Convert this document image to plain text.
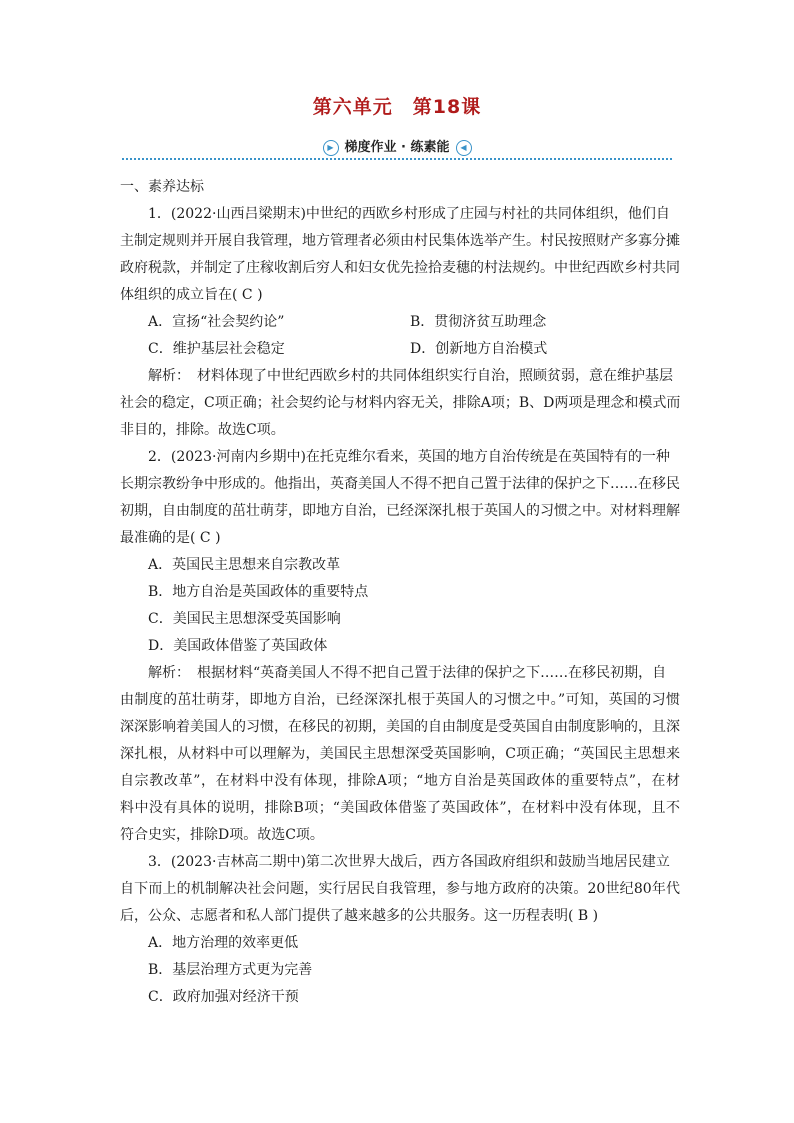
第六单元　第18课
▶ 梯度作业 · 练素能 ◀
一、素养达标
1．(2022·山西吕梁期末)中世纪的西欧乡村形成了庄园与村社的共同体组织，他们自
主制定规则并开展自我管理，地方管理者必须由村民集体选举产生。村民按照财产多寡分摊
政府税款，并制定了庄稼收割后穷人和妇女优先捡拾麦穗的村法规约。中世纪西欧乡村共同
体组织的成立旨在( C )
A．宣扬“社会契约论”	B．贯彻济贫互助理念
C．维护基层社会稳定	D．创新地方自治模式
解析：　材料体现了中世纪西欧乡村的共同体组织实行自治，照顾贫弱，意在维护基层
社会的稳定，C项正确；社会契约论与材料内容无关，排除A项；B、D两项是理念和模式而
非目的，排除。故选C项。
2．(2023·河南内乡期中)在托克维尔看来，英国的地方自治传统是在英国特有的一种
长期宗教纷争中形成的。他指出，英裔美国人不得不把自己置于法律的保护之下……在移民
初期，自由制度的茁壮萌芽，即地方自治，已经深深扎根于英国人的习惯之中。对材料理解
最准确的是( C )
A．英国民主思想来自宗教改革
B．地方自治是英国政体的重要特点
C．美国民主思想深受英国影响
D．美国政体借鉴了英国政体
解析：　根据材料“英裔美国人不得不把自己置于法律的保护之下……在移民初期，自
由制度的茁壮萌芽，即地方自治，已经深深扎根于英国人的习惯之中。”可知，英国的习惯
深深影响着美国人的习惯，在移民的初期，美国的自由制度是受英国自由制度影响的，且深
深扎根，从材料中可以理解为，美国民主思想深受英国影响，C项正确；“英国民主思想来
自宗教改革”，在材料中没有体现，排除A项；“地方自治是英国政体的重要特点”，在材
料中没有具体的说明，排除B项；“美国政体借鉴了英国政体”，在材料中没有体现，且不
符合史实，排除D项。故选C项。
3．(2023·吉林高二期中)第二次世界大战后，西方各国政府组织和鼓励当地居民建立
自下而上的机制解决社会问题，实行居民自我管理，参与地方政府的决策。20世纪80年代
后，公众、志愿者和私人部门提供了越来越多的公共服务。这一历程表明( B )
A．地方治理的效率更低
B．基层治理方式更为完善
C．政府加强对经济干预
